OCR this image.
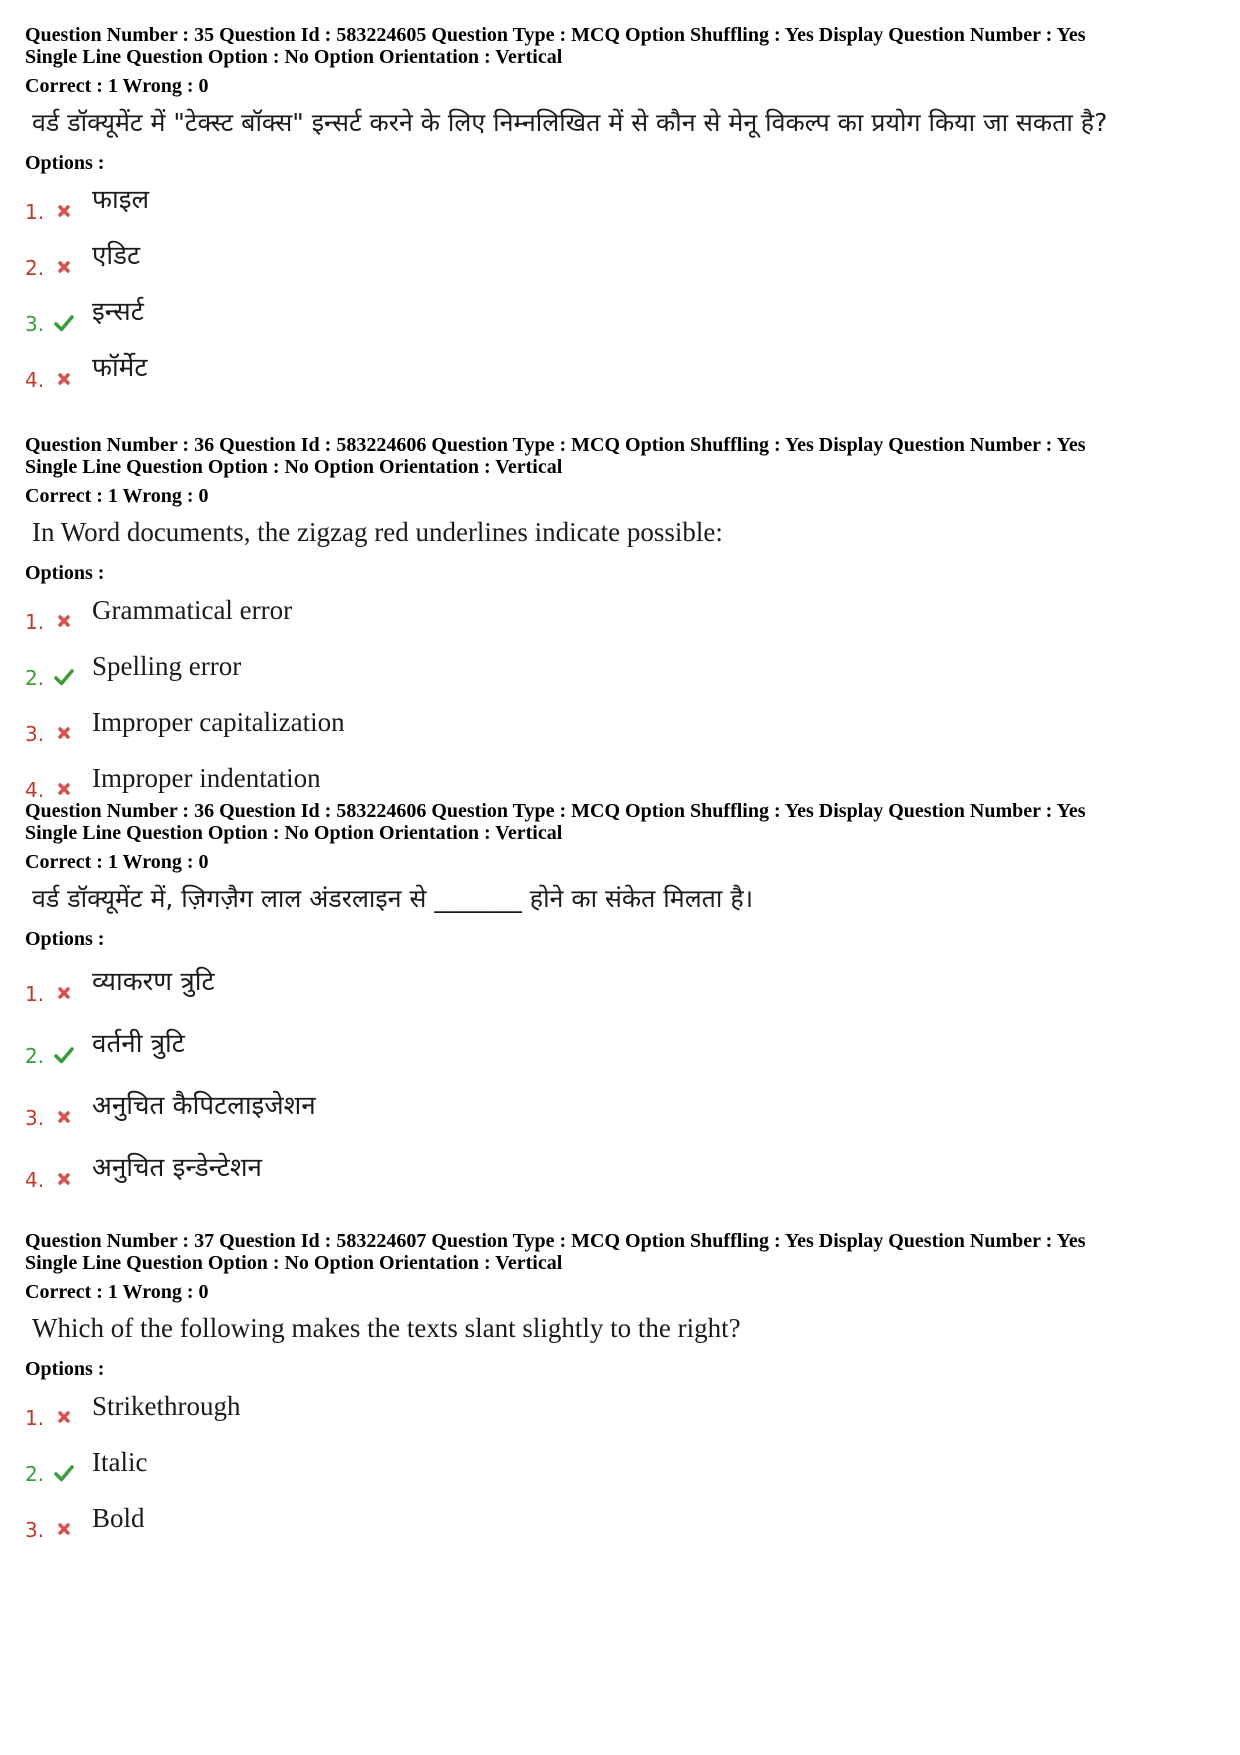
Question Number : 35 Question Id : 583224605 Question Type : MCQ Option Shuffling : Yes Display Question Number : Yes
Single Line Question Option : No Option Orientation : Vertical
Correct : 1 Wrong : 0
वर्ड डॉक्यूमेंट में "टेक्स्ट बॉक्स" इन्सर्ट करने के लिए निम्नलिखित में से कौन से मेनू विकल्प का प्रयोग किया जा सकता है?
Options :
1. फाइल
2. एडिट
3. इन्सर्ट
4. फॉर्मेट
Question Number : 36 Question Id : 583224606 Question Type : MCQ Option Shuffling : Yes Display Question Number : Yes
Single Line Question Option : No Option Orientation : Vertical
Correct : 1 Wrong : 0
In Word documents, the zigzag red underlines indicate possible:
Options :
1. Grammatical error
2. Spelling error
3. Improper capitalization
4. Improper indentation
Question Number : 36 Question Id : 583224606 Question Type : MCQ Option Shuffling : Yes Display Question Number : Yes
Single Line Question Option : No Option Orientation : Vertical
Correct : 1 Wrong : 0
वर्ड डॉक्यूमेंट में, ज़िगज़ैग लाल अंडरलाइन से _______ होने का संकेत मिलता है।
Options :
1. व्याकरण त्रुटि
2. वर्तनी त्रुटि
3. अनुचित कैपिटलाइजेशन
4. अनुचित इन्डेन्टेशन
Question Number : 37 Question Id : 583224607 Question Type : MCQ Option Shuffling : Yes Display Question Number : Yes
Single Line Question Option : No Option Orientation : Vertical
Correct : 1 Wrong : 0
Which of the following makes the texts slant slightly to the right?
Options :
1. Strikethrough
2. Italic
3. Bold
